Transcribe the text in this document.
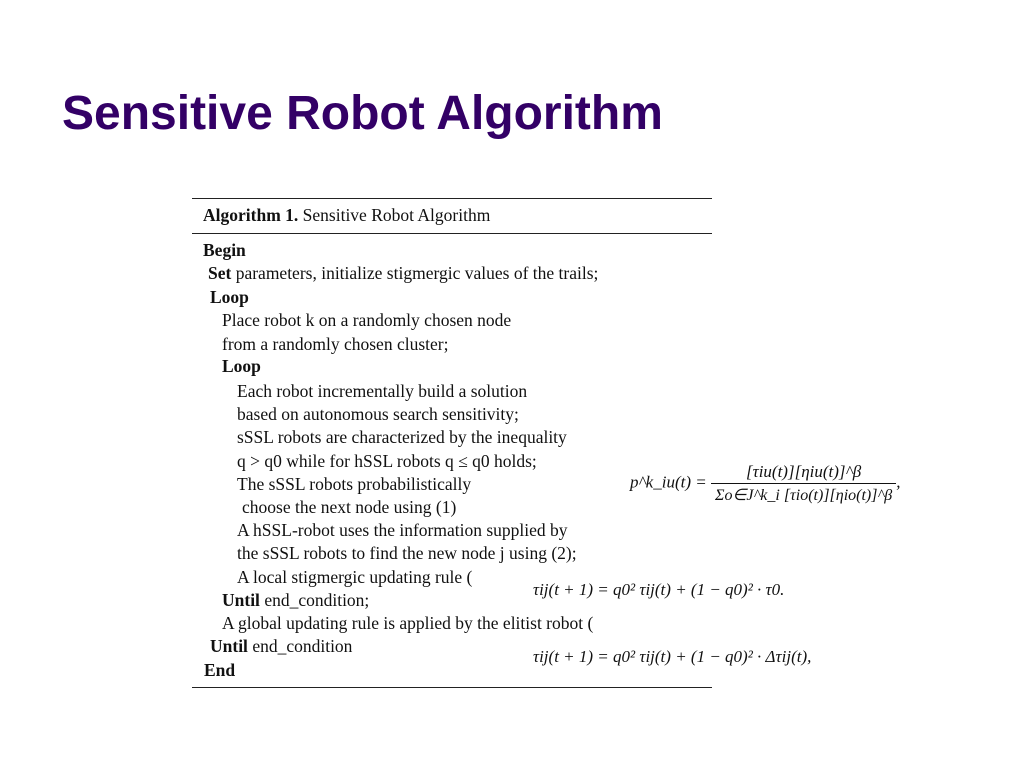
Sensitive Robot Algorithm
Algorithm 1. Sensitive Robot Algorithm
Begin
Set parameters, initialize stigmergic values of the trails;
Loop
Place robot k on a randomly chosen node
from a randomly chosen cluster;
Loop
Each robot incrementally build a solution
based on autonomous search sensitivity;
sSSL robots are characterized by the inequality
q > q0 while for hSSL robots q ≤ q0 holds;
The sSSL robots probabilistically
choose the next node using (1)
A hSSL-robot uses the information supplied by
the sSSL robots to find the new node j using (2);
A local stigmergic updating rule (
Until end_condition;
A global updating rule is applied by the elitist robot (
Until end_condition
End
p^k_iu(t) = $\frac{\text{[τiu(t)][ηiu(t)]\textasciicircum{}β}}{\text{Σo∈J\textasciicircum{}k\_i [τio(t)][ηio(t)]\textasciicircum{}β}}$ ,
τij(t + 1) = q0² τij(t) + (1 − q0)² · τ0.
τij(t + 1) = q0² τij(t) + (1 − q0)² · Δτij(t),
